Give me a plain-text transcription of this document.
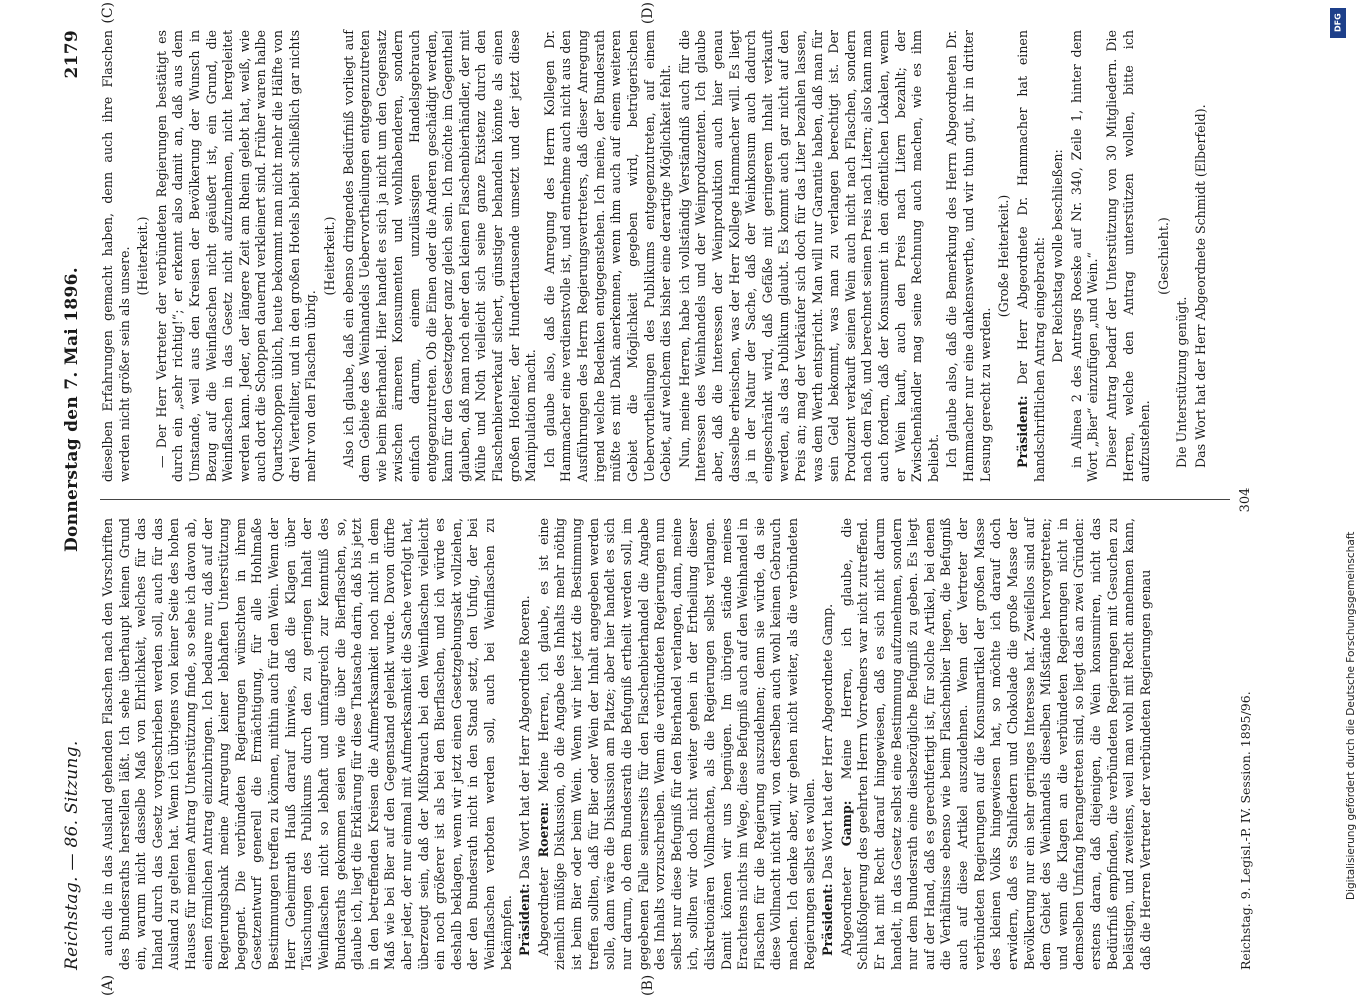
Reichstag. — 86. Sitzung.
Donnerstag den 7. Mai 1896.
2179
(A)	(B)
(C)	(D)

auch die in das Ausland gehenden Flaschen nach den Vorschriften des Bundesraths herstellen läßt. Ich sehe überhaupt keinen Grund ein, warum nicht dasselbe Maß von Ehrlichkeit, welches für das Inland durch das Gesetz vorgeschrieben werden soll, auch für das Ausland zu gelten hat. Wenn ich übrigens von keiner Seite des hohen Hauses für meinen Antrag Unterstützung finde, so sehe ich davon ab, einen förmlichen Antrag einzubringen. Ich bedaure nur, daß auf der Regierungsbank meine Anregung keiner lebhaften Unterstützung begegnet. Die verbündeten Regierungen wünschten in ihrem Gesetzentwurf generell die Ermächtigung, für alle Hohlmaße Bestimmungen treffen zu können, mithin auch für den Wein. Wenn der Herr Geheimrath Hauß darauf hinwies, daß die Klagen über Täuschungen des Publikums durch den zu geringen Inhalt der Weinflaschen nicht so lebhaft und umfangreich zur Kenntniß des Bundesraths gekommen seien wie die über die Bierflaschen, so, glaube ich, liegt die Erklärung für diese Thatsache darin, daß bis jetzt in den betreffenden Kreisen die Aufmerksamkeit noch nicht in dem Maß wie bei Bier auf den Gegenstand gelenkt wurde. Davon dürfte aber jeder, der nur einmal mit Aufmerksamkeit die Sache verfolgt hat, überzeugt sein, daß der Mißbrauch bei den Weinflaschen vielleicht ein noch größerer ist als bei den Bierflaschen, und ich würde es deshalb beklagen, wenn wir jetzt einen Gesetzgebungsakt vollziehen, der den Bundesrath nicht in den Stand setzt, den Unfug, der bei Weinflaschen verboten werden soll, auch bei Weinflaschen zu bekämpfen. Präsident: Das Wort hat der Herr Abgeordnete Roeren.

Abgeordneter Roeren: Meine Herren, ich glaube, es ist eine ziemlich müßige Diskussion, ob die Angabe des Inhalts mehr nöthig ist beim Bier oder beim Wein. Wenn wir hier jetzt die Bestimmung treffen sollten, daß für Bier oder Wein der Inhalt angegeben werden solle, dann wäre die Diskussion am Platze; aber hier handelt es sich nur darum, ob dem Bundesrath die Befugniß ertheilt werden soll, im gegebenen Falle seinerseits für den Flaschenbierhandel die Angabe des Inhalts vorzuschreiben. Wenn die verbündeten Regierungen nun selbst nur diese Befugniß für den Bierhandel verlangen, dann, meine ich, sollten wir doch nicht weiter gehen in der Ertheilung dieser diskretionären Vollmachten, als die Regierungen selbst verlangen. Damit können wir uns begnügen. Im übrigen stände meines Erachtens nichts im Wege, diese Befugniß auch auf den Weinhandel in Flaschen für die Regierung auszudehnen; denn sie würde, da sie diese Vollmacht nicht will, von derselben auch wohl keinen Gebrauch machen. Ich denke aber, wir gehen nicht weiter, als die verbündeten Regierungen selbst es wollen. Präsident: Das Wort hat der Herr Abgeordnete Gamp.

Abgeordneter Gamp: Meine Herren, ich glaube, die Schlußfolgerung des geehrten Herrn Vorredners war nicht zutreffend. Er hat mit Recht darauf hingewiesen, daß es sich nicht darum handelt, in das Gesetz selbst eine Bestimmung aufzunehmen, sondern nur dem Bundesrath eine diesbezügliche Befugniß zu geben. Es liegt auf der Hand, daß es gerechtfertigt ist, für solche Artikel, bei denen die Verhältnisse ebenso wie beim Flaschenbier liegen, die Befugniß auch auf diese Artikel auszudehnen. Wenn der Vertreter der verbündeten Regierungen auf die Konsumartikel der großen Masse des kleinen Volks hingewiesen hat, so möchte ich darauf doch erwidern, daß es Stahlfedern und Chokolade die große Masse der Bevölkerung nur ein sehr geringes Interesse hat. Zweifellos sind auf dem Gebiet des Weinhandels dieselben Mißstände hervorgetreten; und wenn die Klagen an die verbündeten Regierungen nicht in demselben Umfang herangetreten sind, so liegt das an zwei Gründen: erstens daran, daß diejenigen, die Wein konsumiren, nicht das Bedürfniß empfinden, die verbündeten Regierungen mit Gesuchen zu belästigen, und zweitens, weil man wohl mit Recht annehmen kann, daß die Herren Vertreter der verbündeten Regierungen genau

dieselben Erfahrungen gemacht haben, denn auch ihre Flaschen werden nicht größer sein als unsere. (Heiterkeit.) — Der Herr Vertreter der verbündeten Regierungen bestätigt es durch ein „sehr richtig!“; er erkennt also damit an, daß aus dem Umstande, weil aus den Kreisen der Bevölkerung der Wunsch in Bezug auf die Weinflaschen nicht geäußert ist, ein Grund, die Weinflaschen in das Gesetz nicht aufzunehmen, nicht hergeleitet werden kann. Jeder, der längere Zeit am Rhein gelebt hat, weiß, wie auch dort die Schoppen dauernd verkleinert sind. Früher waren halbe Quartschoppen üblich, heute bekommt man nicht mehr die Hälfte von drei Viertelliter, und in den großen Hotels bleibt schließlich gar nichts mehr von den Flaschen übrig.

(Heiterkeit.) Also ich glaube, daß ein ebenso dringendes Bedürfniß vorliegt auf dem Gebiete des Weinhandels Uebervortheilungen entgegenzutreten wie beim Bierhandel. Hier handelt es sich ja nicht um den Gegensatz zwischen ärmeren Konsumenten und wohlhabenderen, sondern einfach darum, einem unzulässigen Handelsgebrauch entgegenzutreten. Ob die Einen oder die Anderen geschädigt werden, kann für den Gesetzgeber ganz gleich sein. Ich möchte im Gegentheil glauben, daß man noch eher den kleinen Flaschenbierhändler, der mit Mühe und Noth vielleicht sich seine ganze Existenz durch den Flaschenbierverkauf sichert, günstiger behandeln könnte als einen großen Hotelier, der Hunderttausende umsetzt und der jetzt diese Manipulation macht. Ich glaube also, daß die Anregung des Herrn Kollegen Dr. Hammacher eine verdienstvolle ist, und entnehme auch nicht aus den Ausführungen des Herrn Regierungsvertreters, daß dieser Anregung irgend welche Bedenken entgegenstehen. Ich meine, der Bundesrath müßte es mit Dank anerkennen, wenn ihm auch auf einem weiteren Gebiet die Möglichkeit gegeben wird, betrügerischen Uebervortheilungen des Publikums entgegenzutreten, auf einem Gebiet, auf welchem dies bisher eine derartige Möglichkeit fehlt. Nun, meine Herren, habe ich vollständig Verständniß auch für die Interessen des Weinhandels und der Weinproduzenten. Ich glaube aber, daß die Interessen der Weinproduktion auch hier genau dasselbe erheischen, was der Herr Kollege Hammacher will. Es liegt ja in der Natur der Sache, daß der Weinkonsum auch dadurch eingeschränkt wird, daß Gefäße mit geringerem Inhalt verkauft werden, als das Publikum glaubt. Es kommt auch gar nicht auf den Preis an; mag der Verkäufer sich doch für das Liter bezahlen lassen, was dem Werth entspricht. Man will nur Garantie haben, daß man für sein Geld bekommt, was man zu verlangen berechtigt ist. Der Produzent verkauft seinen Wein auch nicht nach Flaschen, sondern nach dem Faß, und berechnet seinen Preis nach Litern; also kann man auch fordern, daß der Konsument in den öffentlichen Lokalen, wenn er Wein kauft, auch den Preis nach Litern bezahlt; der Zwischenhändler mag seine Rechnung auch machen, wie es ihm beliebt. Ich glaube also, daß die Bemerkung des Herrn Abgeordneten Dr. Hammacher nur eine dankenswerthe, und wir thun gut, ihr in dritter Lesung gerecht zu werden.

(Große Heiterkeit.)

Präsident: Der Herr Abgeordnete Dr. Hammacher hat einen handschriftlichen Antrag eingebracht: Der Reichstag wolle beschließen: in Alinea 2 des Antrags Roeske auf Nr. 340, Zeile 1, hinter dem Wort „Bier“ einzufügen „und Wein.“ Dieser Antrag bedarf der Unterstützung von 30 Mitgliedern. Die Herren, welche den Antrag unterstützen wollen, bitte ich aufzustehen.

(Geschieht.)

Die Unterstützung genügt. Das Wort hat der Herr Abgeordnete Schmidt (Elberfeld).

Reichstag. 9. Legisl.-P. IV. Session. 1895/96.
304
DFG
Digitalisierung gefördert durch die Deutsche Forschungsgemeinschaft
